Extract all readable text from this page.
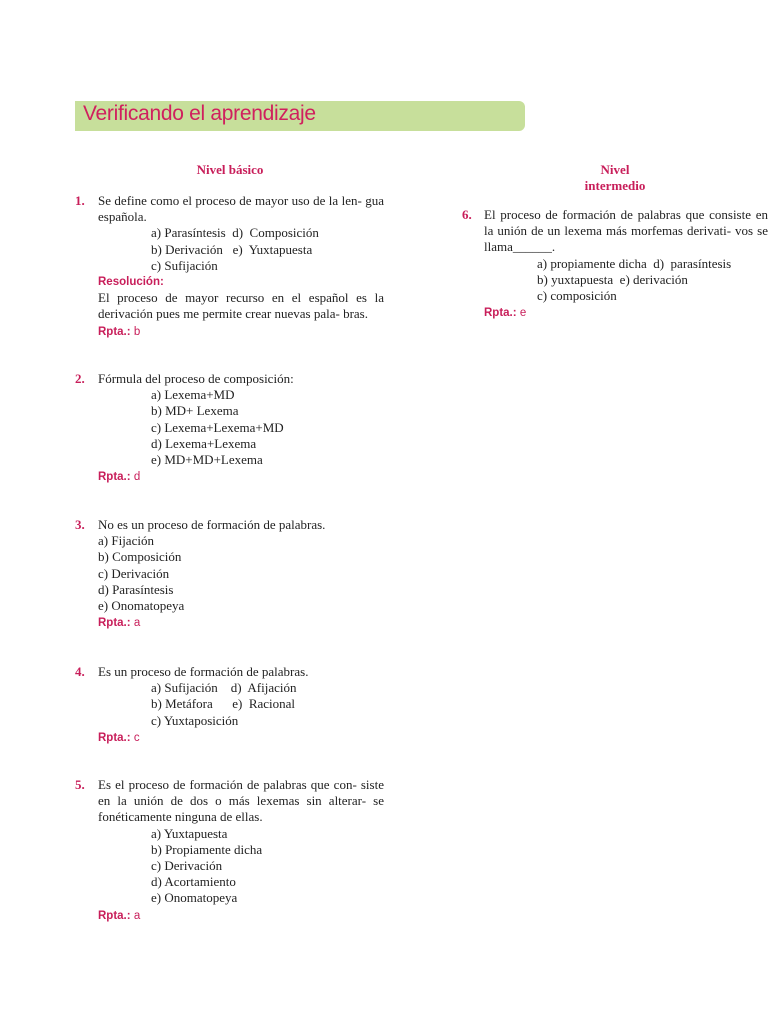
Verificando el aprendizaje
Nivel básico	Nivel
intermedio
1. Se define como el proceso de mayor uso de la len- gua española.
a) Parasíntesis  d)  Composición
b) Derivación   e)  Yuxtapuesta
c) Sufijación
Resolución:
El proceso de mayor recurso en el español es la derivación pues me permite crear nuevas pala- bras.
Rpta.: b
2. Fórmula del proceso de composición:
a) Lexema+MD
b) MD+ Lexema
c) Lexema+Lexema+MD
d) Lexema+Lexema
e) MD+MD+Lexema
Rpta.: d
3. No es un proceso de formación de palabras.
a) Fijación
b) Composición
c) Derivación
d) Parasíntesis
e) Onomatopeya
Rpta.: a
4. Es un proceso de formación de palabras.
a) Sufijación    d)  Afijación
b) Metáfora      e)  Racional
c) Yuxtaposición
Rpta.: c
5. Es el proceso de formación de palabras que con- siste en la unión de dos o más lexemas sin alterar- se fonéticamente ninguna de ellas.
a) Yuxtapuesta
b) Propiamente dicha
c) Derivación
d) Acortamiento
e) Onomatopeya
Rpta.: a
6. El proceso de formación de palabras que consiste en la unión de un lexema más morfemas derivati- vos se llama______.
a) propiamente dicha  d)  parasíntesis
b) yuxtapuesta  e) derivación
c) composición
Rpta.: e
